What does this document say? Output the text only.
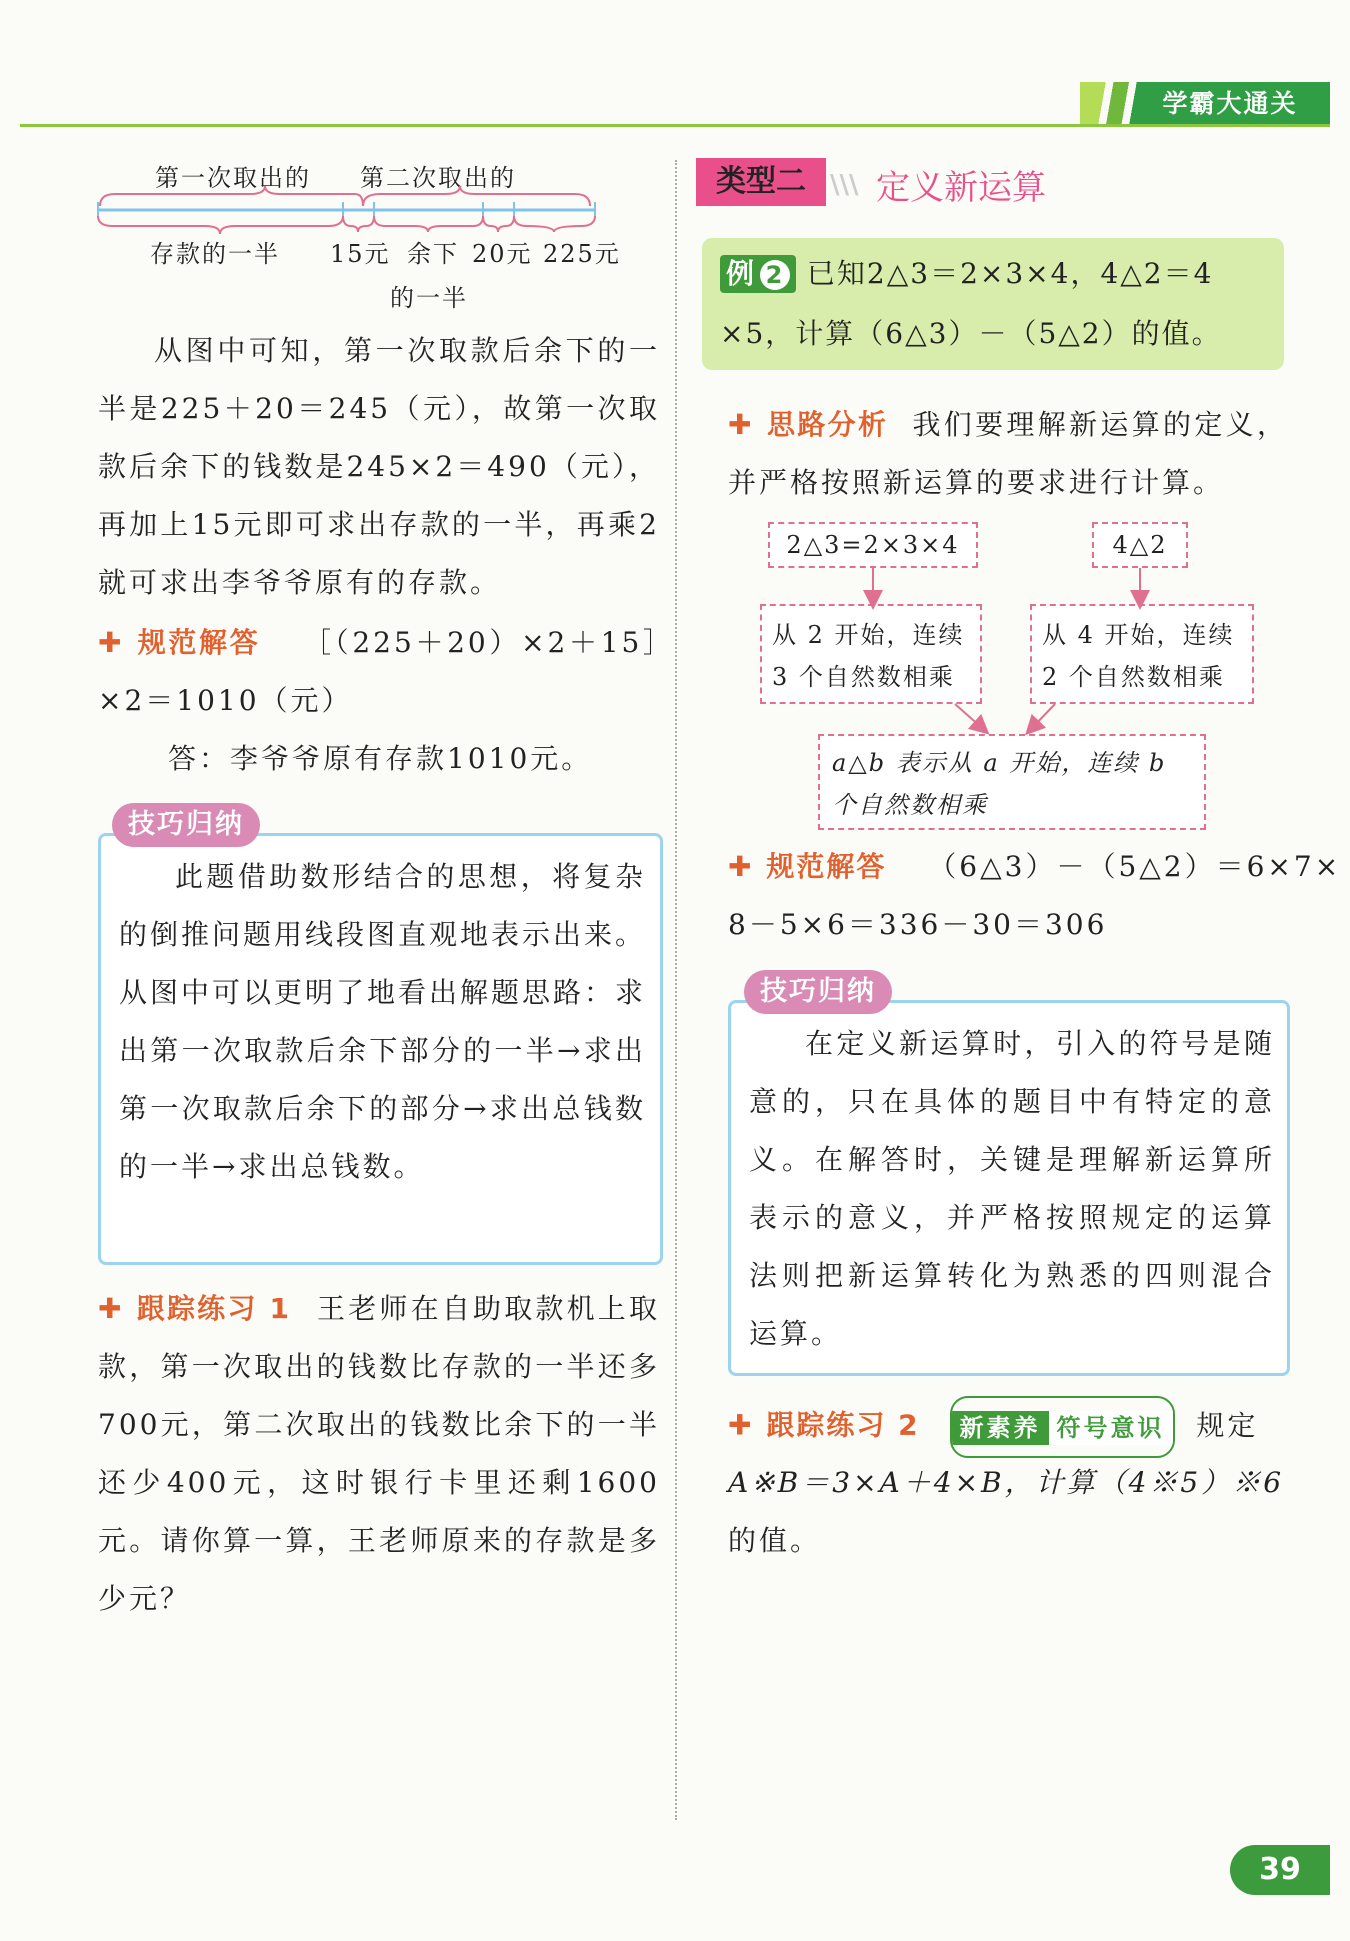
学霸大通关
第一次取出的 第二次取出的
存款的一半 15元 余下 20元 225元
的一半
从图中可知，第一次取款后余下的一半是225＋20＝245（元），故第一次取款后余下的钱数是245×2＝490（元），再加上15元即可求出存款的一半，再乘2就可求出李爷爷原有的存款。
✚ 规范解答 ［（225＋20）×2＋15］×2＝1010（元）
答：李爷爷原有存款1010元。
此题借助数形结合的思想，将复杂的倒推问题用线段图直观地表示出来。从图中可以更明了地看出解题思路：求出第一次取款后余下部分的一半→求出第一次取款后余下的部分→求出总钱数的一半→求出总钱数。
技巧归纳
✚ 跟踪练习 1 王老师在自助取款机上取款，第一次取出的钱数比存款的一半还多700元，第二次取出的钱数比余下的一半还少400元，这时银行卡里还剩1600元。请你算一算，王老师原来的存款是多少元？
类型二 \\\ 定义新运算
例 2 已知2△3＝2×3×4，4△2＝4
×5，计算（6△3）－（5△2）的值。
✚ 思路分析 我们要理解新运算的定义，并严格按照新运算的要求进行计算。
2△3=2×3×4	4△2
从 2 开始，连续
3 个自然数相乘
从 4 开始，连续
2 个自然数相乘
a△b 表示从 a 开始，连续 b
个自然数相乘
✚ 规范解答 （6△3）－（5△2）＝6×7×
8－5×6＝336－30＝306
在定义新运算时，引入的符号是随意的，只在具体的题目中有特定的意义。在解答时，关键是理解新运算所表示的意义，并严格按照规定的运算法则把新运算转化为熟悉的四则混合运算。
技巧归纳
✚ 跟踪练习 2 新素养 符号意识 规定
A※B＝3×A＋4×B，计算（4※5）※6
的值。
39
